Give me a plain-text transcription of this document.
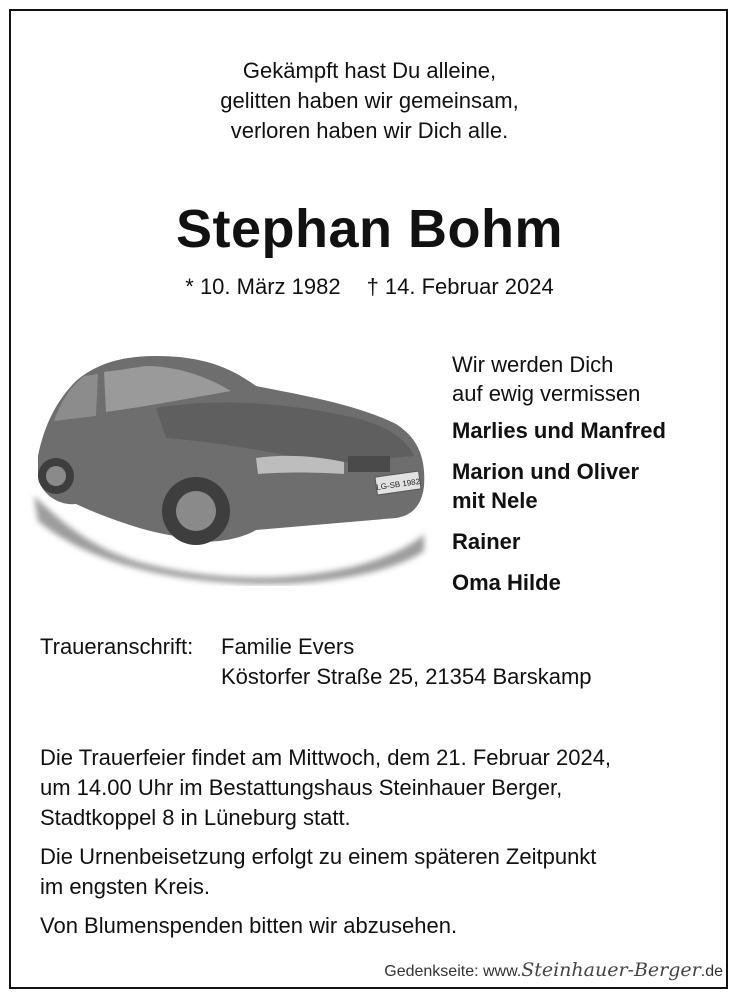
Gekämpft hast Du alleine,
gelitten haben wir gemeinsam,
verloren haben wir Dich alle.
Stephan Bohm
* 10. März 1982 † 14. Februar 2024
LG-SB 1982
Wir werden Dich
auf ewig vermissen
Marlies und Manfred
Marion und Oliver
mit Nele
Rainer
Oma Hilde
Traueranschrift:	Familie Evers
Köstorfer Straße 25, 21354 Barskamp

Die Trauerfeier findet am Mittwoch, dem 21. Februar 2024,
um 14.00 Uhr im Bestattungshaus Steinhauer Berger,
Stadtkoppel 8 in Lüneburg statt.

Die Urnenbeisetzung erfolgt zu einem späteren Zeitpunkt
im engsten Kreis.

Von Blumenspenden bitten wir abzusehen.

Gedenkseite: www.Steinhauer-Berger.de
